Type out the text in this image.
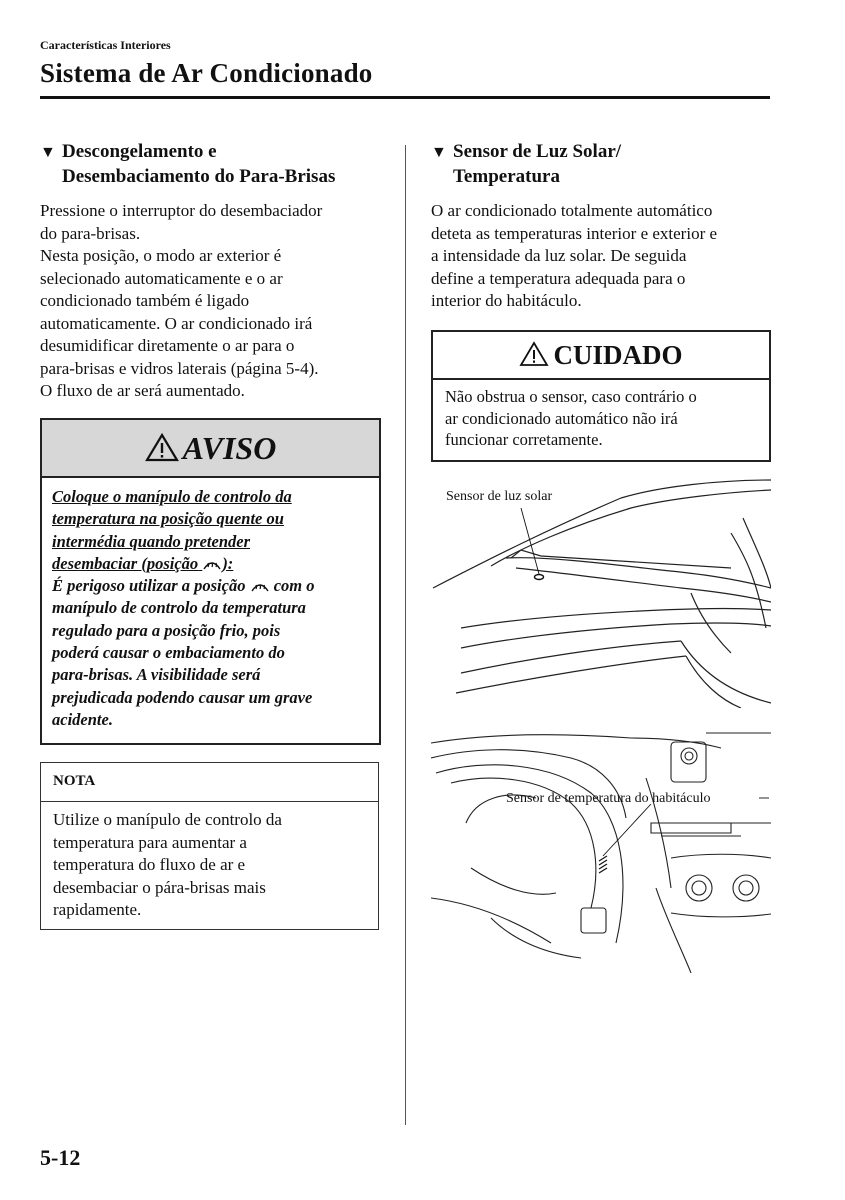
Características Interiores
Sistema de Ar Condicionado
▼ Descongelamento e
Desembaciamento do Para-Brisas
Pressione o interruptor do desembaciador
do para-brisas.
Nesta posição, o modo ar exterior é
selecionado automaticamente e o ar
condicionado também é ligado
automaticamente. O ar condicionado irá
desumidificar diretamente o ar para o
para-brisas e vidros laterais (página 5-4).
O fluxo de ar será aumentado.
AVISO
Coloque o manípulo de controlo da
temperatura na posição quente ou
intermédia quando pretender
desembaciar (posição ):
É perigoso utilizar a posição com o
manípulo de controlo da temperatura
regulado para a posição frio, pois
poderá causar o embaciamento do
para-brisas. A visibilidade será
prejudicada podendo causar um grave
acidente.
NOTA
Utilize o manípulo de controlo da
temperatura para aumentar a
temperatura do fluxo de ar e
desembaciar o pára-brisas mais
rapidamente.
▼ Sensor de Luz Solar/
Temperatura
O ar condicionado totalmente automático
deteta as temperaturas interior e exterior e
a intensidade da luz solar. De seguida
define a temperatura adequada para o
interior do habitáculo.
CUIDADO
Não obstrua o sensor, caso contrário o
ar condicionado automático não irá
funcionar corretamente.
Sensor de luz solar
Sensor de temperatura do habitáculo
5-12
